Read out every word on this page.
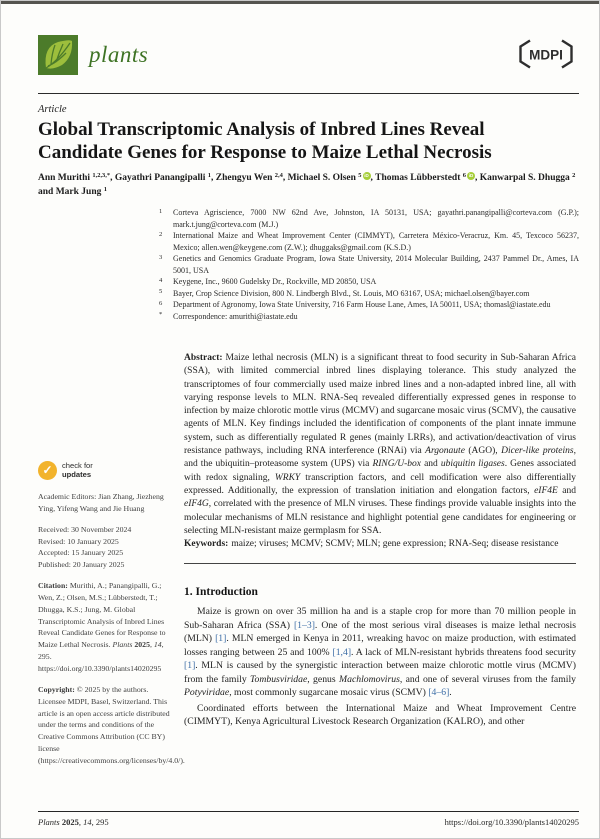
plants	MDPI
Article
Global Transcriptomic Analysis of Inbred Lines Reveal Candidate Genes for Response to Maize Lethal Necrosis
Ann Murithi $^{1,2,3,*}$, Gayathri Panangipalli $^1$, Zhengyu Wen $^{2,4}$, Michael S. Olsen $^5$ iD , Thomas Lübberstedt $^6$ iD , Kanwarpal S. Dhugga $^2$ and Mark Jung $^1$
1	Corteva Agriscience, 7000 NW 62nd Ave, Johnston, IA 50131, USA; gayathri.panangipalli@corteva.com (G.P.); mark.t.jung@corteva.com (M.J.)
2	International Maize and Wheat Improvement Center (CIMMYT), Carretera México-Veracruz, Km. 45, Texcoco 56237, Mexico; allen.wen@keygene.com (Z.W.); dhuggaks@gmail.com (K.S.D.)
3	Genetics and Genomics Graduate Program, Iowa State University, 2014 Molecular Building, 2437 Pammel Dr., Ames, IA 5001, USA
4	Keygene, Inc., 9600 Gudelsky Dr., Rockville, MD 20850, USA
5	Bayer, Crop Science Division, 800 N. Lindbergh Blvd., St. Louis, MO 63167, USA; michael.olsen@bayer.com
6	Department of Agronomy, Iowa State University, 716 Farm House Lane, Ames, IA 50011, USA; thomasl@iastate.edu
*	Correspondence: amurithi@iastate.edu
✓	check for
updates
Academic Editors: Jian Zhang, Jiezheng Ying, Yifeng Wang and Jie Huang
Received: 30 November 2024
Revised: 10 January 2025
Accepted: 15 January 2025
Published: 20 January 2025
Citation: Murithi, A.; Panangipalli, G.; Wen, Z.; Olsen, M.S.; Lübberstedt, T.; Dhugga, K.S.; Jung, M. Global Transcriptomic Analysis of Inbred Lines Reveal Candidate Genes for Response to Maize Lethal Necrosis. Plants 2025, 14, 295. https://doi.org/10.3390/plants14020295
Copyright: © 2025 by the authors. Licensee MDPI, Basel, Switzerland. This article is an open access article distributed under the terms and conditions of the Creative Commons Attribution (CC BY) license (https://creativecommons.org/licenses/by/4.0/).

Abstract: Maize lethal necrosis (MLN) is a significant threat to food security in Sub-Saharan Africa (SSA), with limited commercial inbred lines displaying tolerance. This study analyzed the transcriptomes of four commercially used maize inbred lines and a non-adapted inbred line, all with varying response levels to MLN. RNA-Seq revealed differentially expressed genes in response to infection by maize chlorotic mottle virus (MCMV) and sugarcane mosaic virus (SCMV), the causative agents of MLN. Key findings included the identification of components of the plant innate immune system, such as differentially regulated R genes (mainly LRRs), and activation/deactivation of virus resistance pathways, including RNA interference (RNAi) via Argonaute (AGO), Dicer-like proteins, and the ubiquitin–proteasome system (UPS) via RING/U-box and ubiquitin ligases. Genes associated with redox signaling, WRKY transcription factors, and cell modification were also differentially expressed. Additionally, the expression of translation initiation and elongation factors, eIF4E and eIF4G, correlated with the presence of MLN viruses. These findings provide valuable insights into the molecular mechanisms of MLN resistance and highlight potential gene candidates for engineering or selecting MLN-resistant maize germplasm for SSA.

Keywords: maize; viruses; MCMV; SCMV; MLN; gene expression; RNA-Seq; disease resistance

1. Introduction

Maize is grown on over 35 million ha and is a staple crop for more than 70 million people in Sub-Saharan Africa (SSA) [1–3]. One of the most serious viral diseases is maize lethal necrosis (MLN) [1]. MLN emerged in Kenya in 2011, wreaking havoc on maize production, with estimated losses ranging between 25 and 100% [1,4]. A lack of MLN-resistant hybrids threatens food security [1]. MLN is caused by the synergistic interaction between maize chlorotic mottle virus (MCMV) from the family Tombusviridae, genus Machlomovirus, and one of several viruses from the family Potyviridae, most commonly sugarcane mosaic virus (SCMV) [4–6].

Coordinated efforts between the International Maize and Wheat Improvement Centre (CIMMYT), Kenya Agricultural Livestock Research Organization (KALRO), and other

Plants 2025, 14, 295	https://doi.org/10.3390/plants14020295
